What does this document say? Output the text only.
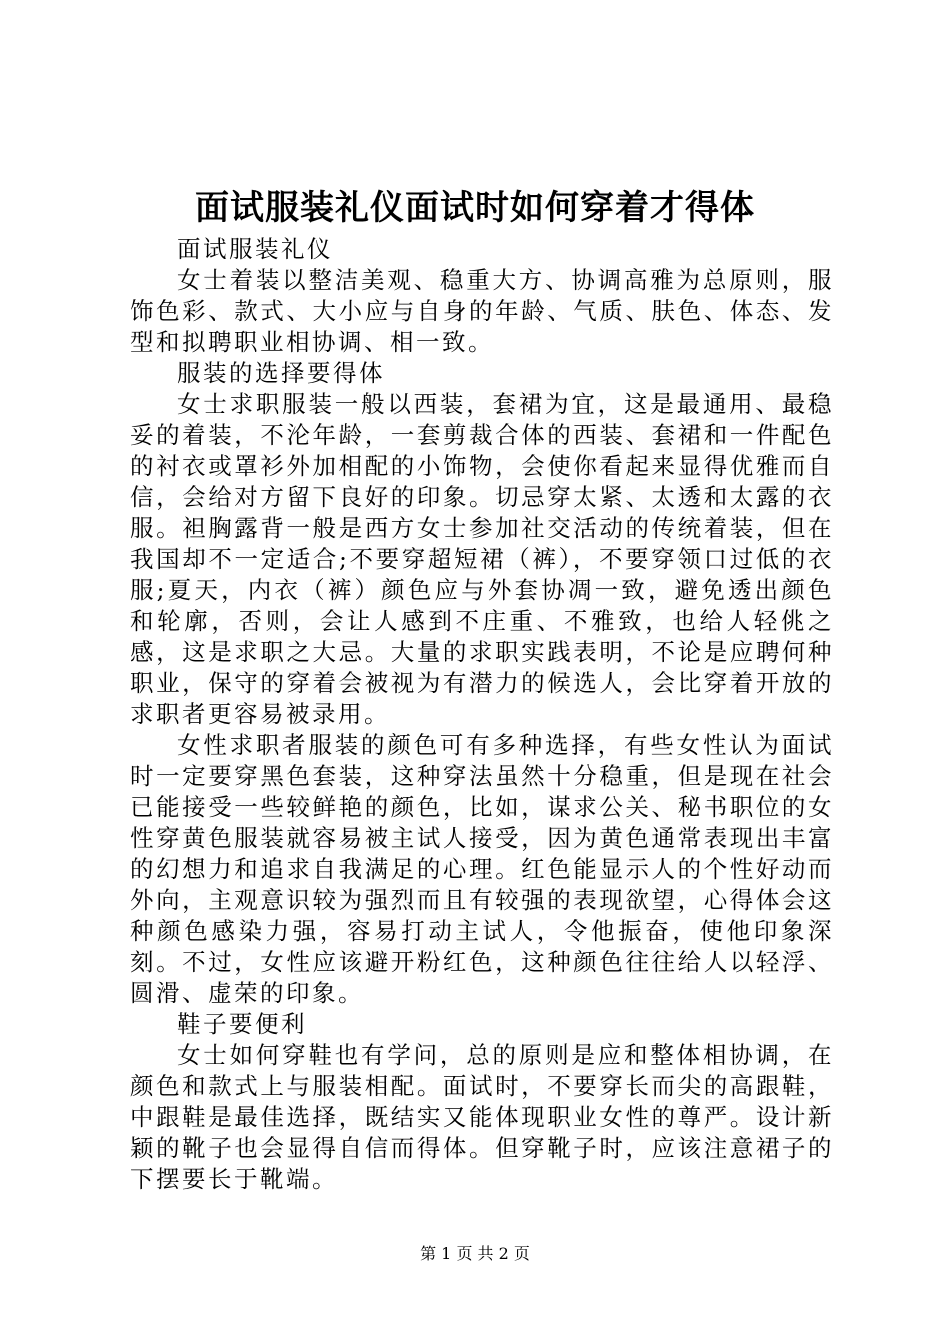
面试服装礼仪面试时如何穿着才得体

面试服装礼仪

女士着装以整洁美观、稳重大方、协调高雅为总原则，服饰色彩、款式、大小应与自身的年龄、气质、肤色、体态、发型和拟聘职业相协调、相一致。

服装的选择要得体

女士求职服装一般以西装，套裙为宜，这是最通用、最稳妥的着装，不沦年龄，一套剪裁合体的西装、套裙和一件配色的衬衣或罩衫外加相配的小饰物，会使你看起来显得优雅而自信，会给对方留下良好的印象。切忌穿太紧、太透和太露的衣服。袒胸露背一般是西方女士参加社交活动的传统着装，但在我国却不一定适合;不要穿超短裙（裤），不要穿领口过低的衣服;夏天，内衣（裤）颜色应与外套协凋一致，避免透出颜色和轮廓，否则，会让人感到不庄重、不雅致，也给人轻佻之感，这是求职之大忌。大量的求职实践表明，不论是应聘何种职业，保守的穿着会被视为有潜力的候选人，会比穿着开放的求职者更容易被录用。

女性求职者服装的颜色可有多种选择，有些女性认为面试时一定要穿黑色套装，这种穿法虽然十分稳重，但是现在社会已能接受一些较鲜艳的颜色，比如，谋求公关、秘书职位的女性穿黄色服装就容易被主试人接受，因为黄色通常表现出丰富的幻想力和追求自我满足的心理。红色能显示人的个性好动而外向，主观意识较为强烈而且有较强的表现欲望，心得体会这种颜色感染力强，容易打动主试人，令他振奋，使他印象深刻。不过，女性应该避开粉红色，这种颜色往往给人以轻浮、圆滑、虚荣的印象。

鞋子要便利

女士如何穿鞋也有学问，总的原则是应和整体相协调，在颜色和款式上与服装相配。面试时，不要穿长而尖的高跟鞋，中跟鞋是最佳选择，既结实又能体现职业女性的尊严。设计新颖的靴子也会显得自信而得体。但穿靴子时，应该注意裙子的下摆要长于靴端。

第 1 页 共 2 页
